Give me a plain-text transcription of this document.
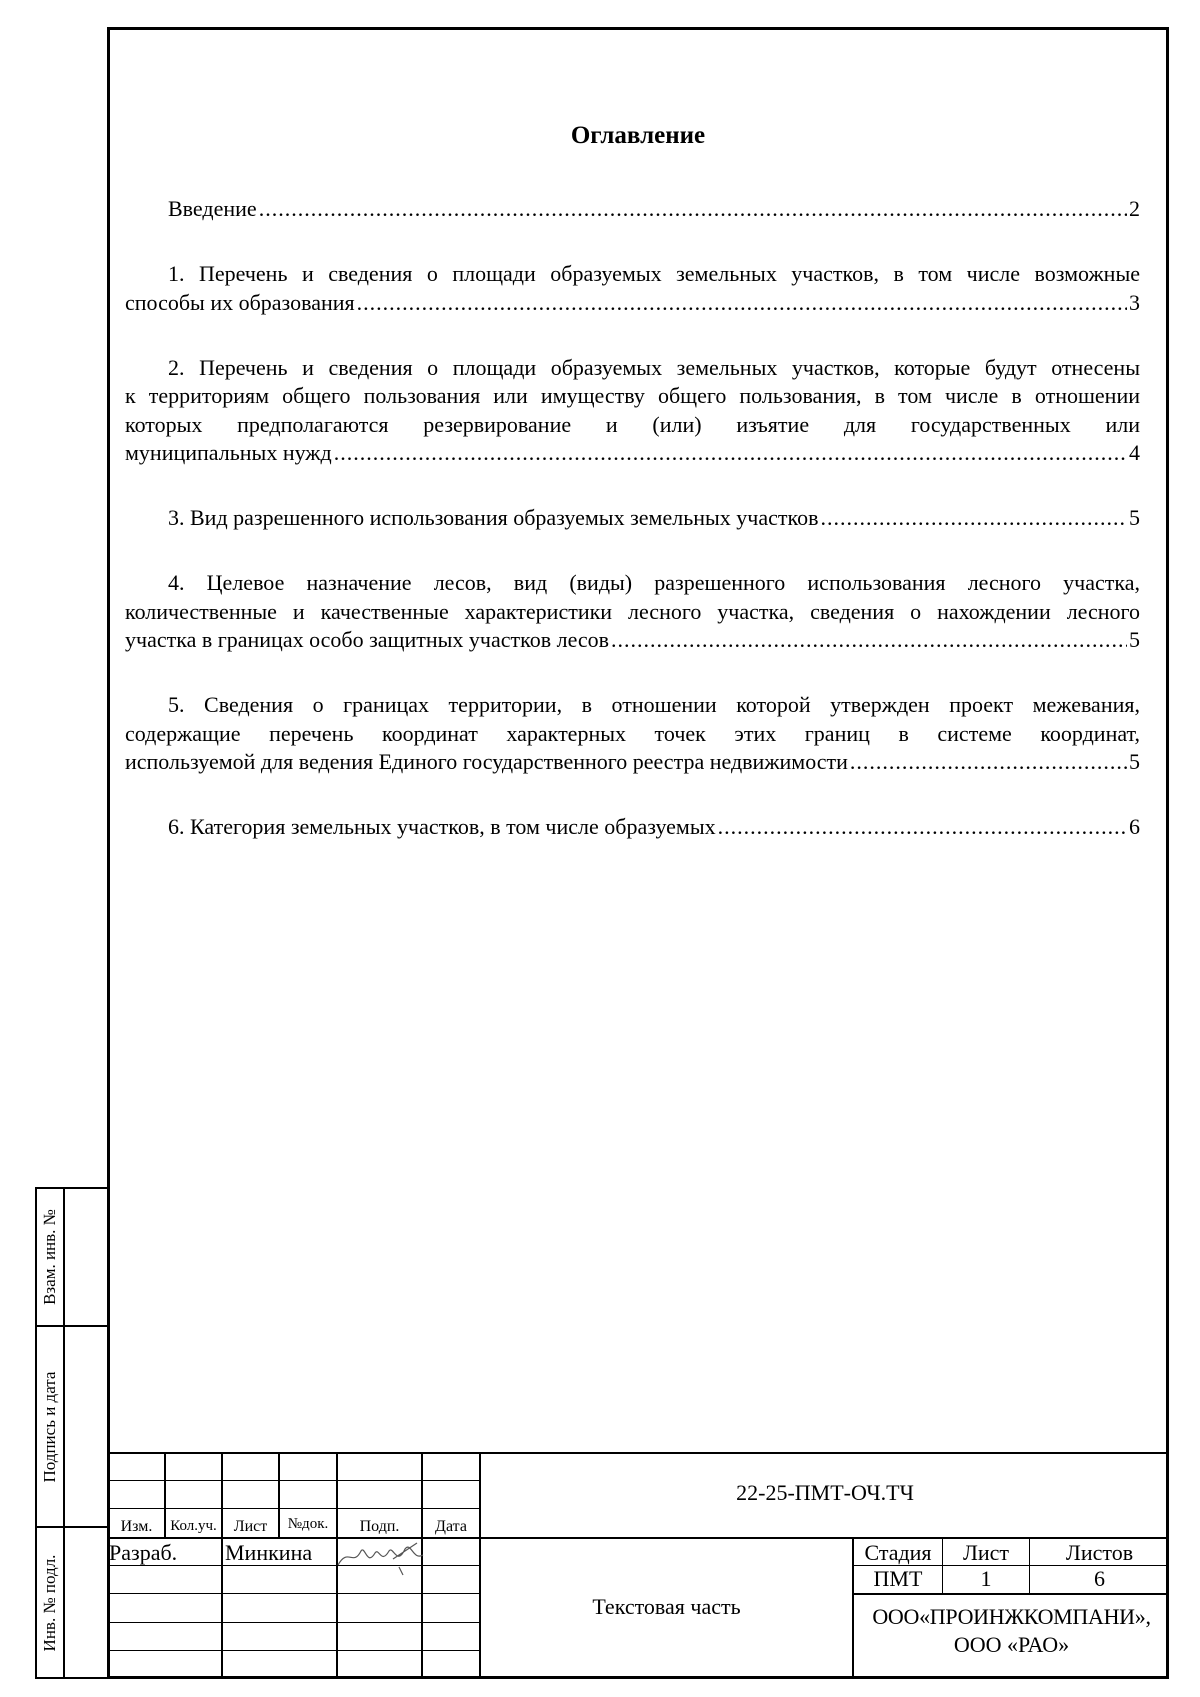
Оглавление
Введение .....	2
1. Перечень и сведения о площади образуемых земельных участков, в том числе возможные
способы их образования .....	3
2. Перечень и сведения о площади образуемых земельных участков, которые будут отнесены
к территориям общего пользования или имуществу общего пользования, в том числе в отношении
которых предполагаются резервирование и (или) изъятие для государственных или
муниципальных нужд .....	4
3. Вид разрешенного использования образуемых земельных участков .....	5
4. Целевое назначение лесов, вид (виды) разрешенного использования лесного участка,
количественные и качественные характеристики лесного участка, сведения о нахождении лесного
участка в границах особо защитных участков лесов .....	5
5. Сведения о границах территории, в отношении которой утвержден проект межевания,
содержащие перечень координат характерных точек этих границ в системе координат,
используемой для ведения Единого государственного реестра недвижимости .....	5
6. Категория земельных участков, в том числе образуемых .....	6
Взам. инв. №
Подпись и дата
Инв. № подл.
Изм.	Кол.уч.	Лист	№док.	Подп.	Дата
22-25-ПМТ-ОЧ.ТЧ
Разраб. Минкина
Текстовая часть
Стадия	Лист	Листов
ПМТ	1	6
ООО«ПРОИНЖКОМПАНИ»,
ООО «РАО»
